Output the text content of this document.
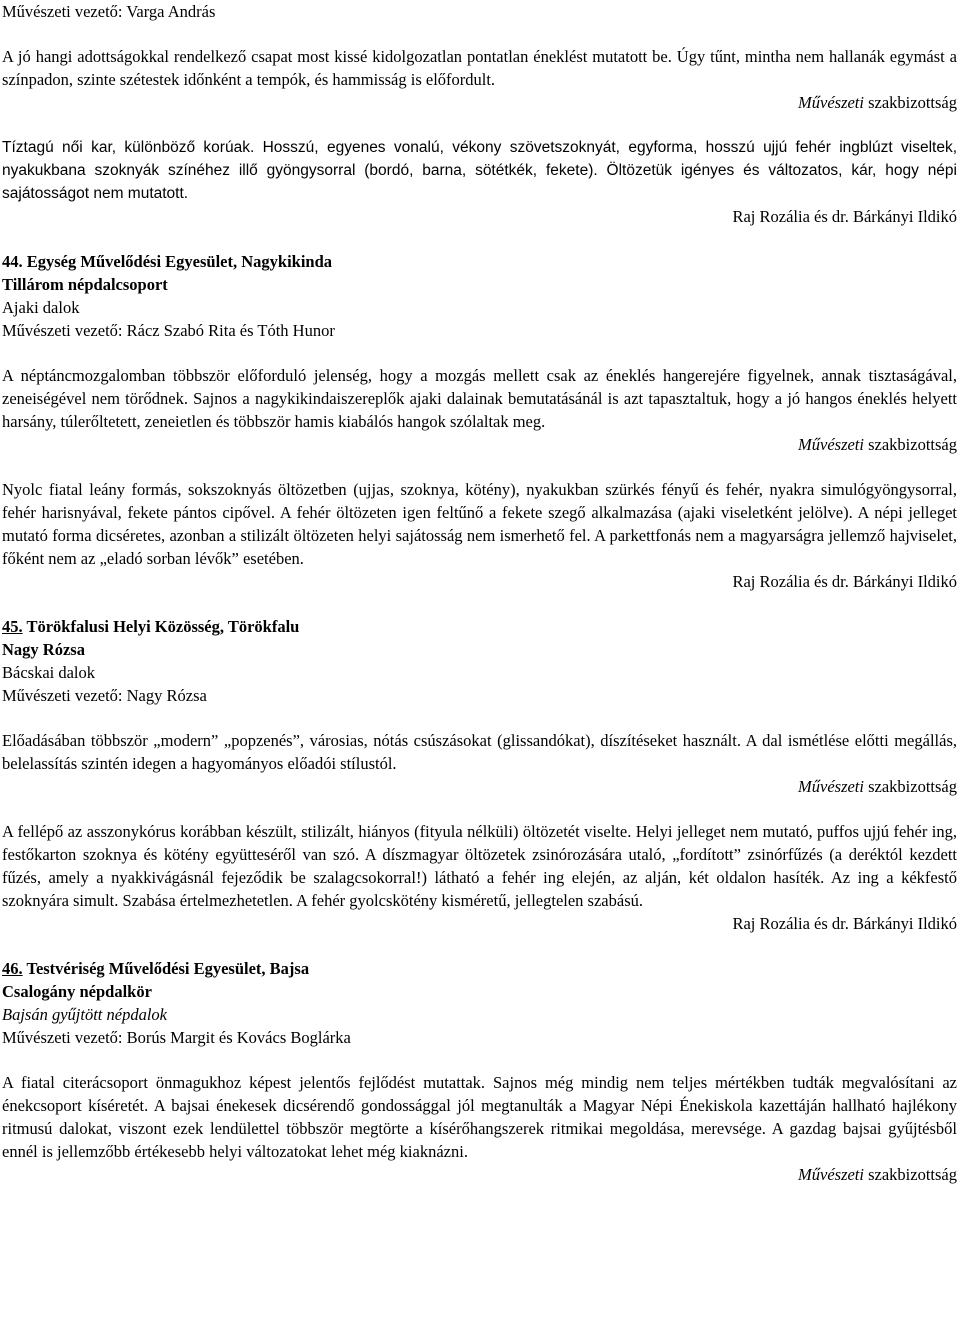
Művészeti vezető: Varga András

A jó hangi adottságokkal rendelkező csapat most kissé kidolgozatlan pontatlan éneklést mutatott be. Úgy tűnt, mintha nem hallanák egymást a színpadon, szinte szétestek időnként a tempók, és hammisság is előfordult.

Művészeti szakbizottság

Tíztagú női kar, különböző korúak. Hosszú, egyenes vonalú, vékony szövetszoknyát, egyforma, hosszú ujjú fehér ingblúzt viseltek, nyakukbana szoknyák színéhez illő gyöngysorral (bordó, barna, sötétkék, fekete). Öltözetük igényes és változatos, kár, hogy népi sajátosságot nem mutatott.

Raj Rozália és dr. Bárkányi Ildikó

44. Egység Művelődési Egyesület, Nagykikinda

Tillárom népdalcsoport

Ajaki dalok

Művészeti vezető: Rácz Szabó Rita és Tóth Hunor

A néptáncmozgalomban többször előforduló jelenség, hogy a mozgás mellett csak az éneklés hangerejére figyelnek, annak tisztaságával, zeneiségével nem törődnek. Sajnos a nagykikindaiszereplők ajaki dalainak bemutatásánál is azt tapasztaltuk, hogy a jó hangos éneklés helyett harsány, túlerőltetett, zeneietlen és többször hamis kiabálós hangok szólaltak meg.

Művészeti szakbizottság

Nyolc fiatal leány formás, sokszoknyás öltözetben (ujjas, szoknya, kötény), nyakukban szürkés fényű és fehér, nyakra simulógyöngysorral, fehér harisnyával, fekete pántos cipővel. A fehér öltözeten igen feltűnő a fekete szegő alkalmazása (ajaki viseletként jelölve). A népi jelleget mutató forma dicséretes, azonban a stilizált öltözeten helyi sajátosság nem ismerhető fel. A parkettfonás nem a magyarságra jellemző hajviselet, főként nem az „eladó sorban lévők” esetében.

Raj Rozália és dr. Bárkányi Ildikó

45. Törökfalusi Helyi Közösség, Törökfalu

Nagy Rózsa

Bácskai dalok

Művészeti vezető: Nagy Rózsa

Előadásában többször „modern” „popzenés”, városias, nótás csúszásokat (glissandókat), díszítéseket használt. A dal ismétlése előtti megállás, belelassítás szintén idegen a hagyományos előadói stílustól.

Művészeti szakbizottság

A fellépő az asszonykórus korábban készült, stilizált, hiányos (fityula nélküli) öltözetét viselte. Helyi jelleget nem mutató, puffos ujjú fehér ing, festőkarton szoknya és kötény együtteséről van szó. A díszmagyar öltözetek zsinórozására utaló, „fordított” zsinórfűzés (a deréktól kezdett fűzés, amely a nyakkivágásnál fejeződik be szalagcsokorral!) látható a fehér ing elején, az alján, két oldalon hasíték. Az ing a kékfestő szoknyára simult. Szabása értelmezhetetlen. A fehér gyolcskötény kisméretű, jellegtelen szabású.

Raj Rozália és dr. Bárkányi Ildikó

46. Testvériség Művelődési Egyesület, Bajsa

Csalogány népdalkör

Bajsán gyűjtött népdalok

Művészeti vezető: Borús Margit és Kovács Boglárka

A fiatal citerácsoport önmagukhoz képest jelentős fejlődést mutattak. Sajnos még mindig nem teljes mértékben tudták megvalósítani az énekcsoport kíséretét. A bajsai énekesek dicsérendő gondossággal jól megtanulták a Magyar Népi Énekiskola kazettáján hallható hajlékony ritmusú dalokat, viszont ezek lendülettel többször megtörte a kísérőhangszerek ritmikai megoldása, merevsége. A gazdag bajsai gyűjtésből ennél is jellemzőbb értékesebb helyi változatokat lehet még kiaknázni.

Művészeti szakbizottság
